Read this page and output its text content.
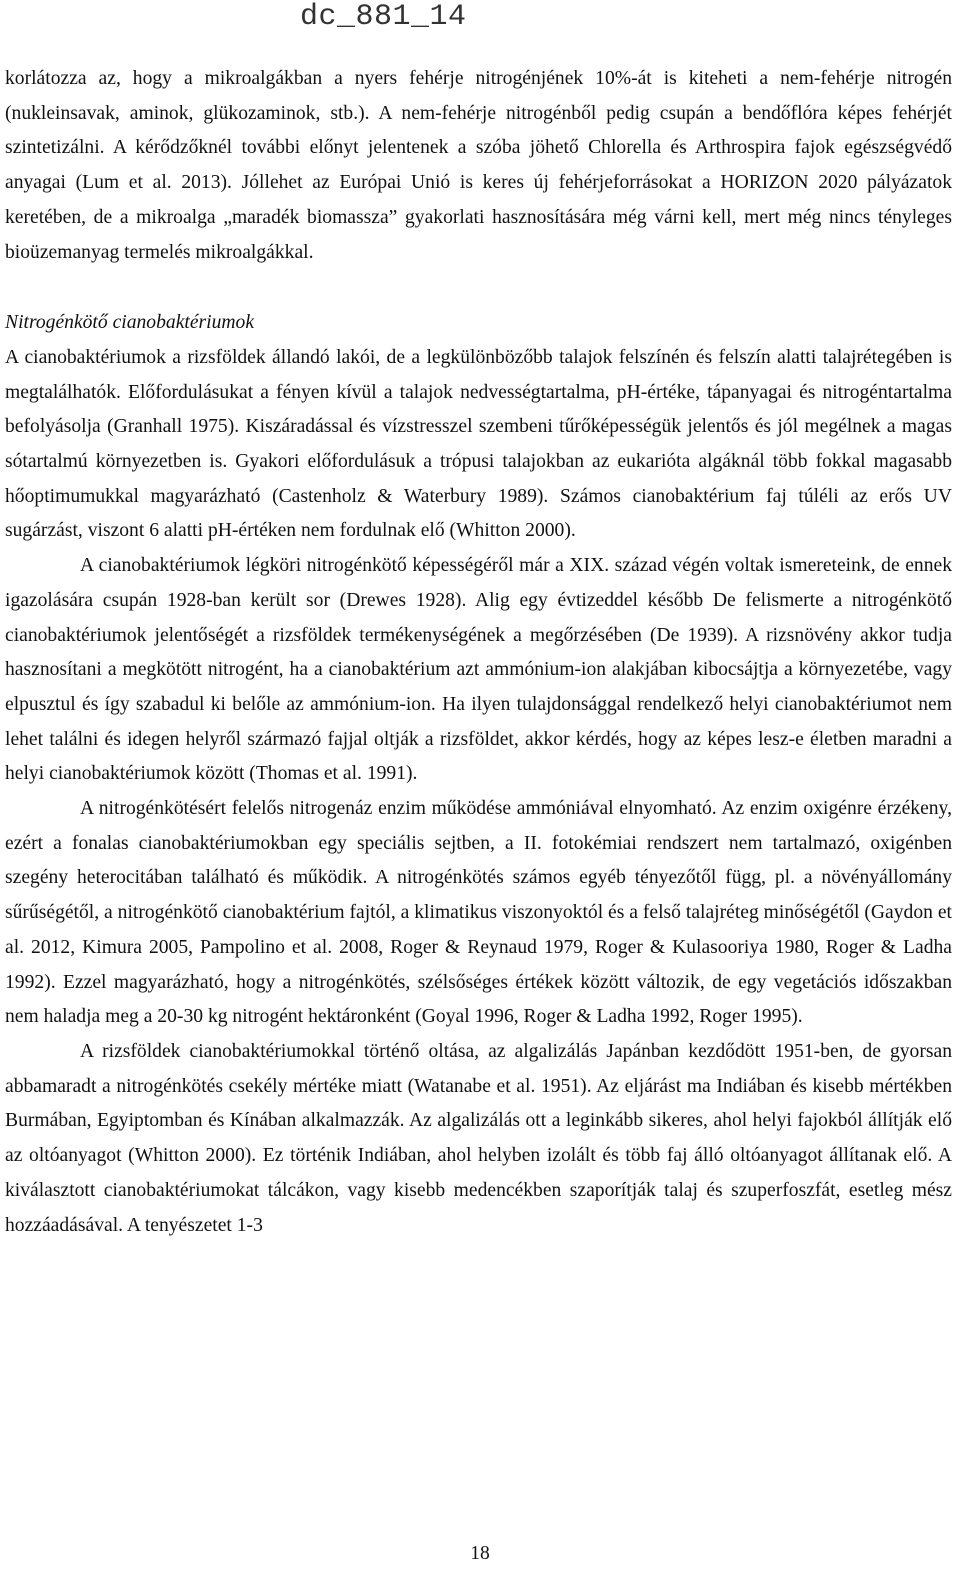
dc_881_14

korlátozza az, hogy a mikroalgákban a nyers fehérje nitrogénjének 10%-át is kiteheti a nem-fehérje nitrogén (nukleinsavak, aminok, glükozaminok, stb.). A nem-fehérje nitrogénből pedig csupán a bendőflóra képes fehérjét szintetizálni. A kérődzőknél további előnyt jelentenek a szóba jöhető Chlorella és Arthrospira fajok egészségvédő anyagai (Lum et al. 2013). Jóllehet az Európai Unió is keres új fehérjeforrásokat a HORIZON 2020 pályázatok keretében, de a mikroalga „maradék biomassza” gyakorlati hasznosítására még várni kell, mert még nincs tényleges bioüzemanyag termelés mikroalgákkal.

Nitrogénkötő cianobaktériumok

A cianobaktériumok a rizsföldek állandó lakói, de a legkülönbözőbb talajok felszínén és felszín alatti talajrétegében is megtalálhatók. Előfordulásukat a fényen kívül a talajok nedvességtartalma, pH-értéke, tápanyagai és nitrogéntartalma befolyásolja (Granhall 1975). Kiszáradással és vízstresszel szembeni tűrőképességük jelentős és jól megélnek a magas sótartalmú környezetben is. Gyakori előfordulásuk a trópusi talajokban az eukarióta algáknál több fokkal magasabb hőoptimumukkal magyarázható (Castenholz & Waterbury 1989). Számos cianobaktérium faj túléli az erős UV sugárzást, viszont 6 alatti pH-értéken nem fordulnak elő (Whitton 2000).

A cianobaktériumok légköri nitrogénkötő képességéről már a XIX. század végén voltak ismereteink, de ennek igazolására csupán 1928-ban került sor (Drewes 1928). Alig egy évtizeddel később De felismerte a nitrogénkötő cianobaktériumok jelentőségét a rizsföldek termékenységének a megőrzésében (De 1939). A rizsnövény akkor tudja hasznosítani a megkötött nitrogént, ha a cianobaktérium azt ammónium-ion alakjában kibocsájtja a környezetébe, vagy elpusztul és így szabadul ki belőle az ammónium-ion. Ha ilyen tulajdonsággal rendelkező helyi cianobaktériumot nem lehet találni és idegen helyről származó fajjal oltják a rizsföldet, akkor kérdés, hogy az képes lesz-e életben maradni a helyi cianobaktériumok között (Thomas et al. 1991).

A nitrogénkötésért felelős nitrogenáz enzim működése ammóniával elnyomható. Az enzim oxigénre érzékeny, ezért a fonalas cianobaktériumokban egy speciális sejtben, a II. fotokémiai rendszert nem tartalmazó, oxigénben szegény heterocitában található és működik. A nitrogénkötés számos egyéb tényezőtől függ, pl. a növényállomány sűrűségétől, a nitrogénkötő cianobaktérium fajtól, a klimatikus viszonyoktól és a felső talajréteg minőségétől (Gaydon et al. 2012, Kimura 2005, Pampolino et al. 2008, Roger & Reynaud 1979, Roger & Kulasooriya 1980, Roger & Ladha 1992). Ezzel magyarázható, hogy a nitrogénkötés, szélsőséges értékek között változik, de egy vegetációs időszakban nem haladja meg a 20-30 kg nitrogént hektáronként (Goyal 1996, Roger & Ladha 1992, Roger 1995).

A rizsföldek cianobaktériumokkal történő oltása, az algalizálás Japánban kezdődött 1951-ben, de gyorsan abbamaradt a nitrogénkötés csekély mértéke miatt (Watanabe et al. 1951). Az eljárást ma Indiában és kisebb mértékben Burmában, Egyiptomban és Kínában alkalmazzák. Az algalizálás ott a leginkább sikeres, ahol helyi fajokból állítják elő az oltóanyagot (Whitton 2000). Ez történik Indiában, ahol helyben izolált és több faj álló oltóanyagot állítanak elő. A kiválasztott cianobaktériumokat tálcákon, vagy kisebb medencékben szaporítják talaj és szuperfoszfát, esetleg mész hozzáadásával. A tenyészetet 1-3

18
